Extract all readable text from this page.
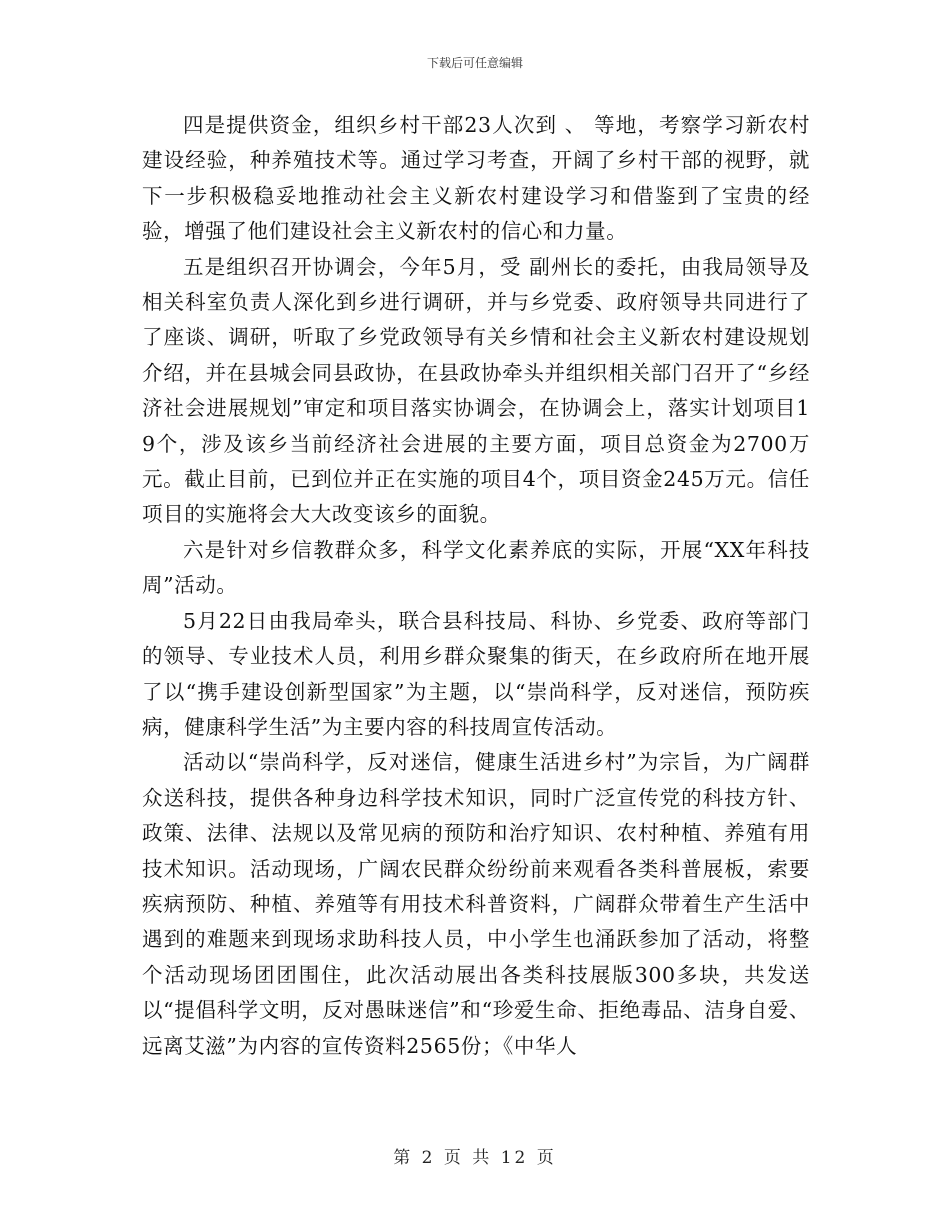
下载后可任意编辑

四是提供资金，组织乡村干部23人次到 、 等地，考察学习新农村建设经验，种养殖技术等。通过学习考查，开阔了乡村干部的视野，就下一步积极稳妥地推动社会主义新农村建设学习和借鉴到了宝贵的经验，增强了他们建设社会主义新农村的信心和力量。

五是组织召开协调会，今年5月，受 副州长的委托，由我局领导及相关科室负责人深化到乡进行调研，并与乡党委、政府领导共同进行了了座谈、调研，听取了乡党政领导有关乡情和社会主义新农村建设规划介绍，并在县城会同县政协，在县政协牵头并组织相关部门召开了“乡经济社会进展规划”审定和项目落实协调会，在协调会上，落实计划项目19个，涉及该乡当前经济社会进展的主要方面，项目总资金为2700万元。截止目前，已到位并正在实施的项目4个，项目资金245万元。信任项目的实施将会大大改变该乡的面貌。

六是针对乡信教群众多，科学文化素养底的实际，开展“XX年科技周”活动。

5月22日由我局牵头，联合县科技局、科协、乡党委、政府等部门的领导、专业技术人员，利用乡群众聚集的街天，在乡政府所在地开展了以“携手建设创新型国家”为主题，以“崇尚科学，反对迷信，预防疾病，健康科学生活”为主要内容的科技周宣传活动。

活动以“崇尚科学，反对迷信，健康生活进乡村”为宗旨，为广阔群众送科技，提供各种身边科学技术知识，同时广泛宣传党的科技方针、政策、法律、法规以及常见病的预防和治疗知识、农村种植、养殖有用技术知识。活动现场，广阔农民群众纷纷前来观看各类科普展板，索要疾病预防、种植、养殖等有用技术科普资料，广阔群众带着生产生活中遇到的难题来到现场求助科技人员，中小学生也涌跃参加了活动，将整个活动现场团团围住，此次活动展出各类科技展版300多块，共发送以“提倡科学文明，反对愚昧迷信”和“珍爱生命、拒绝毒品、洁身自爱、远离艾滋”为内容的宣传资料2565份；《中华人

第 2 页 共 12 页
